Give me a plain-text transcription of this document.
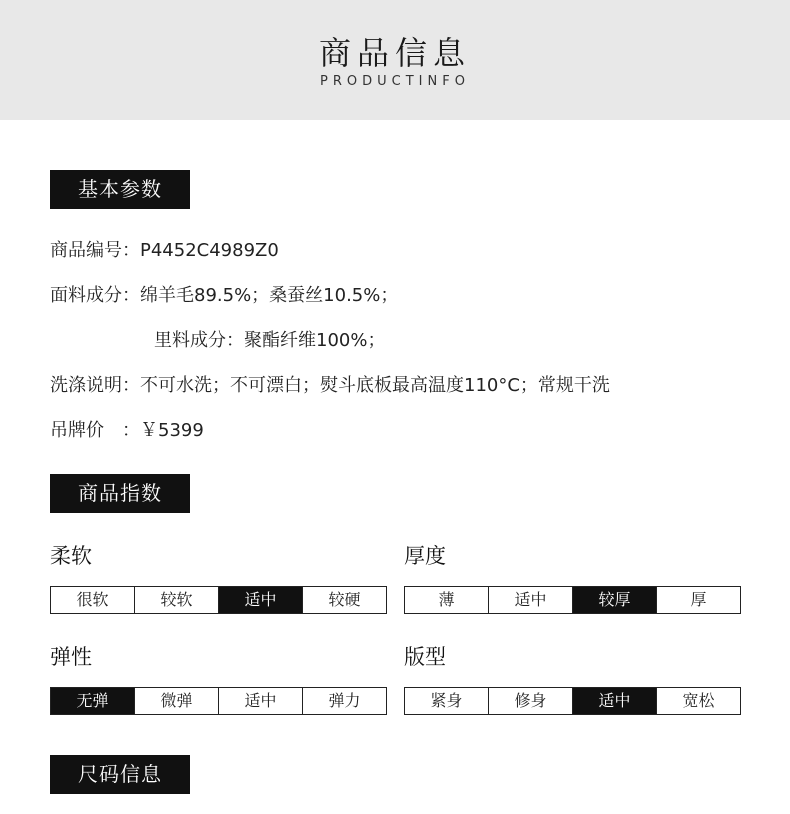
商品信息
PRODUCTINFO
基本参数
商品编号：P4452C4989Z0
面料成分：绵羊毛89.5%；桑蚕丝10.5%；
里料成分：聚酯纤维100%；
洗涤说明：不可水洗；不可漂白；熨斗底板最高温度110°C；常规干洗
吊牌价　：￥5399
商品指数
柔软
很软	较软	适中	较硬
厚度
薄	适中	较厚	厚
弹性
无弹	微弹	适中	弹力
版型
紧身	修身	适中	宽松
尺码信息
